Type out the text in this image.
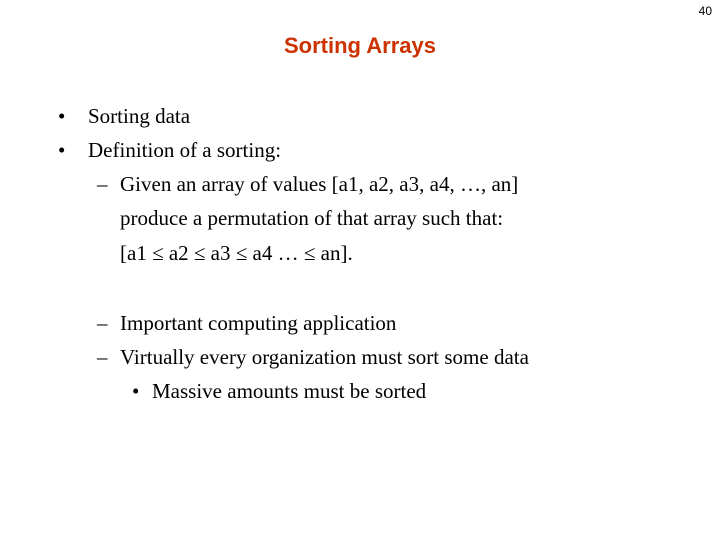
40
Sorting Arrays
• Sorting data
• Definition of a sorting:
– Given an array of values [a1, a2, a3, a4, …, an]
produce a permutation of that array such that:
[a1 ≤ a2 ≤ a3 ≤ a4 … ≤ an].
– Important computing application
– Virtually every organization must sort some data
• Massive amounts must be sorted
